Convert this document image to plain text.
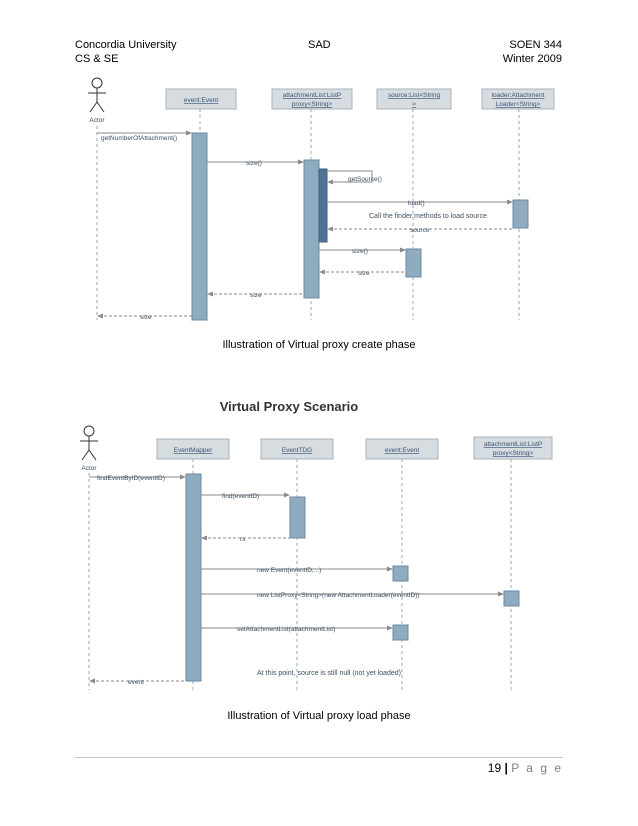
Concordia University
CS & SE
SAD	SOEN 344
Winter 2009
Actor
event:Event
attachmentList:ListP
proxy<String>
source:List<String
>
loader:Attachment
Loader<String>
getNumberOfAttachment()
size()
getSource()
load()
Call the finder methods to load source
source
size()
size
size
size
Illustration of Virtual proxy create phase
Virtual Proxy Scenario
Actor
EventMapper	EventTDG	event:Event
attachmentList:ListP
proxy<String>
findEventByID(eventID)
find(eventID)
rs
new Event(eventID,...)
new ListProxy<String>(new AttachmentLoader(eventID))
setAttachmentList(attachmentList)
At this point, source is still null (not yet loaded)
event
Illustration of Virtual proxy load phase
19 | P a g e
